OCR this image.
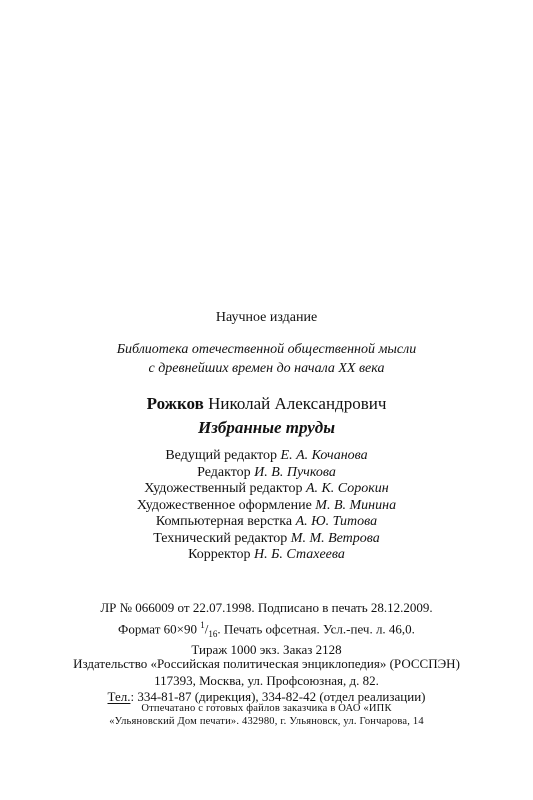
Научное издание
Библиотека отечественной общественной мысли
с древнейших времен до начала XX века
Рожков Николай Александрович
Избранные труды
Ведущий редактор Е. А. Кочанова
Редактор И. В. Пучкова
Художественный редактор А. К. Сорокин
Художественное оформление М. В. Минина
Компьютерная верстка А. Ю. Титова
Технический редактор М. М. Ветрова
Корректор Н. Б. Стахеева
ЛР № 066009 от 22.07.1998. Подписано в печать 28.12.2009.
Формат 60×90 $^1/_{16}$. Печать офсетная. Усл.-печ. л. 46,0.
Тираж 1000 экз. Заказ 2128
Издательство «Российская политическая энциклопедия» (РОССПЭН)
117393, Москва, ул. Профсоюзная, д. 82.
Тел.: 334-81-87 (дирекция), 334-82-42 (отдел реализации)
Отпечатано с готовых файлов заказчика в ОАО «ИПК
«Ульяновский Дом печати». 432980, г. Ульяновск, ул. Гончарова, 14
